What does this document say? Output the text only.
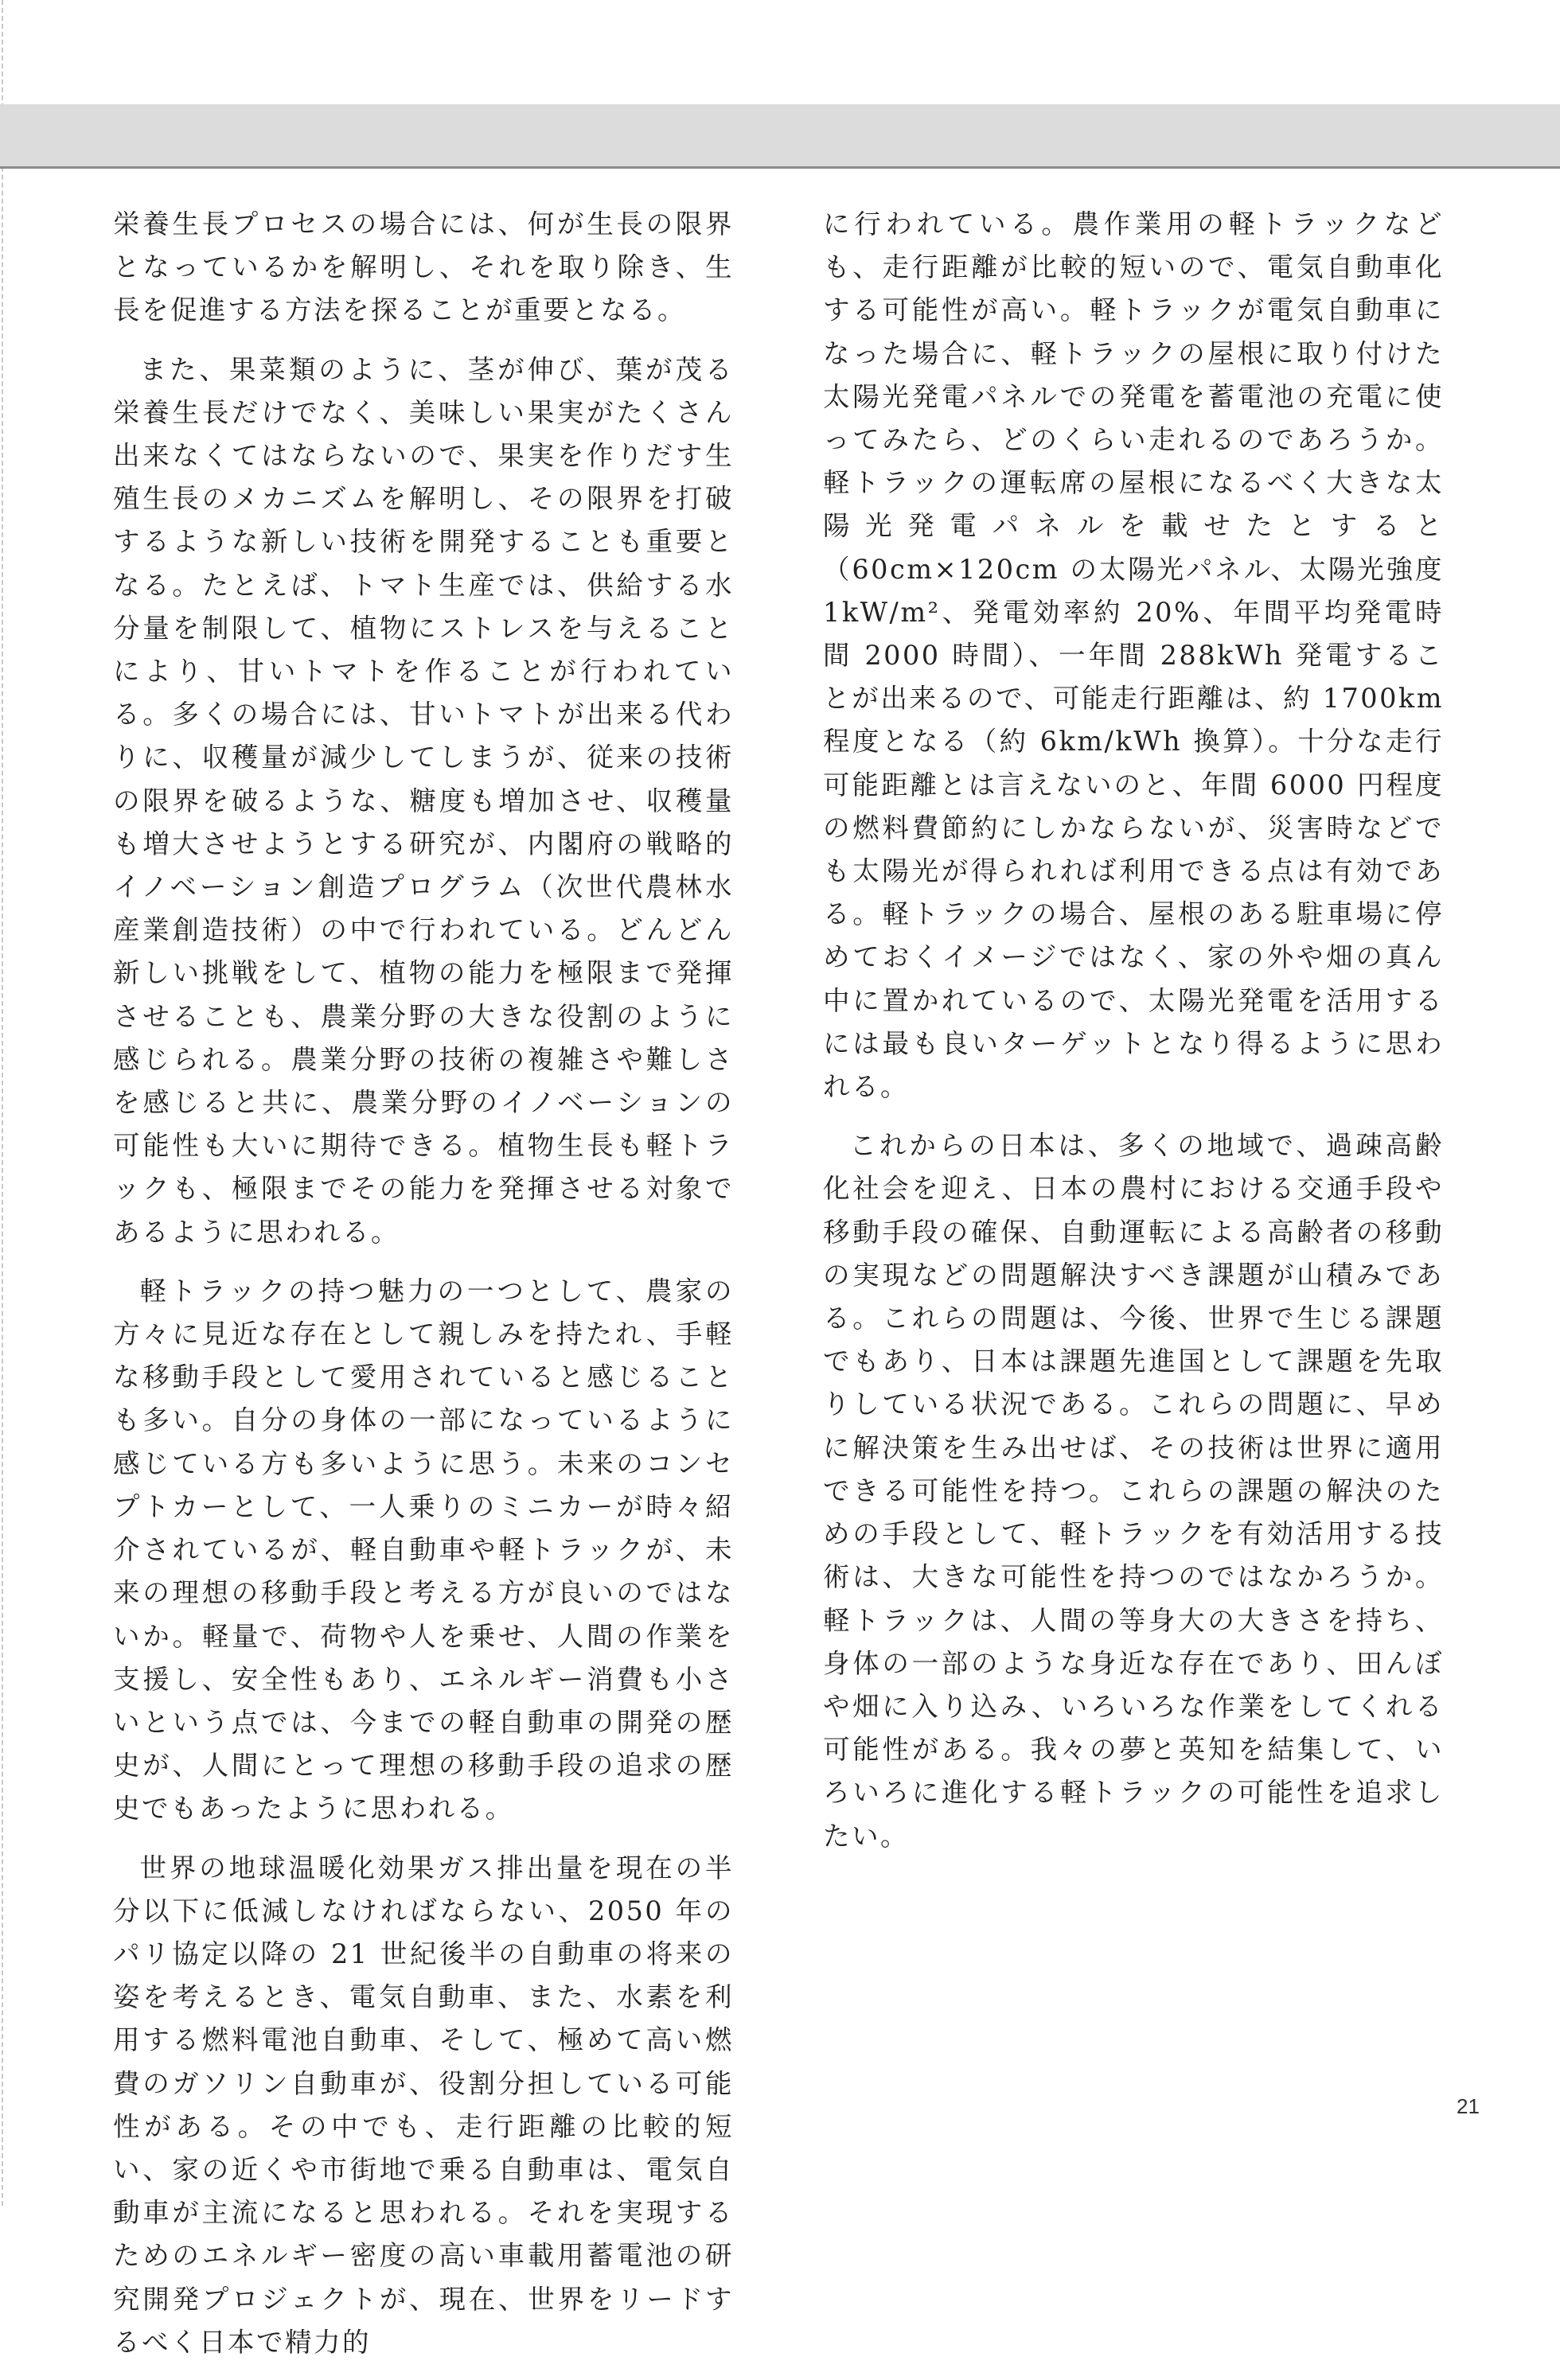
栄養生長プロセスの場合には、何が生長の限界となっているかを解明し、それを取り除き、生長を促進する方法を探ることが重要となる。

また、果菜類のように、茎が伸び、葉が茂る栄養生長だけでなく、美味しい果実がたくさん出来なくてはならないので、果実を作りだす生殖生長のメカニズムを解明し、その限界を打破するような新しい技術を開発することも重要となる。たとえば、トマト生産では、供給する水分量を制限して、植物にストレスを与えることにより、甘いトマトを作ることが行われている。多くの場合には、甘いトマトが出来る代わりに、収穫量が減少してしまうが、従来の技術の限界を破るような、糖度も増加させ、収穫量も増大させようとする研究が、内閣府の戦略的イノベーション創造プログラム（次世代農林水産業創造技術）の中で行われている。どんどん新しい挑戦をして、植物の能力を極限まで発揮させることも、農業分野の大きな役割のように感じられる。農業分野の技術の複雑さや難しさを感じると共に、農業分野のイノベーションの可能性も大いに期待できる。植物生長も軽トラックも、極限までその能力を発揮させる対象であるように思われる。

軽トラックの持つ魅力の一つとして、農家の方々に見近な存在として親しみを持たれ、手軽な移動手段として愛用されていると感じることも多い。自分の身体の一部になっているように感じている方も多いように思う。未来のコンセプトカーとして、一人乗りのミニカーが時々紹介されているが、軽自動車や軽トラックが、未来の理想の移動手段と考える方が良いのではないか。軽量で、荷物や人を乗せ、人間の作業を支援し、安全性もあり、エネルギー消費も小さいという点では、今までの軽自動車の開発の歴史が、人間にとって理想の移動手段の追求の歴史でもあったように思われる。

世界の地球温暖化効果ガス排出量を現在の半分以下に低減しなければならない、2050 年のパリ協定以降の 21 世紀後半の自動車の将来の姿を考えるとき、電気自動車、また、水素を利用する燃料電池自動車、そして、極めて高い燃費のガソリン自動車が、役割分担している可能性がある。その中でも、走行距離の比較的短い、家の近くや市街地で乗る自動車は、電気自動車が主流になると思われる。それを実現するためのエネルギー密度の高い車載用蓄電池の研究開発プロジェクトが、現在、世界をリードするべく日本で精力的

に行われている。農作業用の軽トラックなども、走行距離が比較的短いので、電気自動車化する可能性が高い。軽トラックが電気自動車になった場合に、軽トラックの屋根に取り付けた太陽光発電パネルでの発電を蓄電池の充電に使ってみたら、どのくらい走れるのであろうか。軽トラックの運転席の屋根になるべく大きな太陽光発電パネルを載せたとすると（60cm×120cm の太陽光パネル、太陽光強度 1kW/m²、発電効率約 20%、年間平均発電時間 2000 時間）、一年間 288kWh 発電することが出来るので、可能走行距離は、約 1700km 程度となる（約 6km/kWh 換算）。十分な走行可能距離とは言えないのと、年間 6000 円程度の燃料費節約にしかならないが、災害時などでも太陽光が得られれば利用できる点は有効である。軽トラックの場合、屋根のある駐車場に停めておくイメージではなく、家の外や畑の真ん中に置かれているので、太陽光発電を活用するには最も良いターゲットとなり得るように思われる。

これからの日本は、多くの地域で、過疎高齢化社会を迎え、日本の農村における交通手段や移動手段の確保、自動運転による高齢者の移動の実現などの問題解決すべき課題が山積みである。これらの問題は、今後、世界で生じる課題でもあり、日本は課題先進国として課題を先取りしている状況である。これらの問題に、早めに解決策を生み出せば、その技術は世界に適用できる可能性を持つ。これらの課題の解決のための手段として、軽トラックを有効活用する技術は、大きな可能性を持つのではなかろうか。軽トラックは、人間の等身大の大きさを持ち、身体の一部のような身近な存在であり、田んぼや畑に入り込み、いろいろな作業をしてくれる可能性がある。我々の夢と英知を結集して、いろいろに進化する軽トラックの可能性を追求したい。

21
